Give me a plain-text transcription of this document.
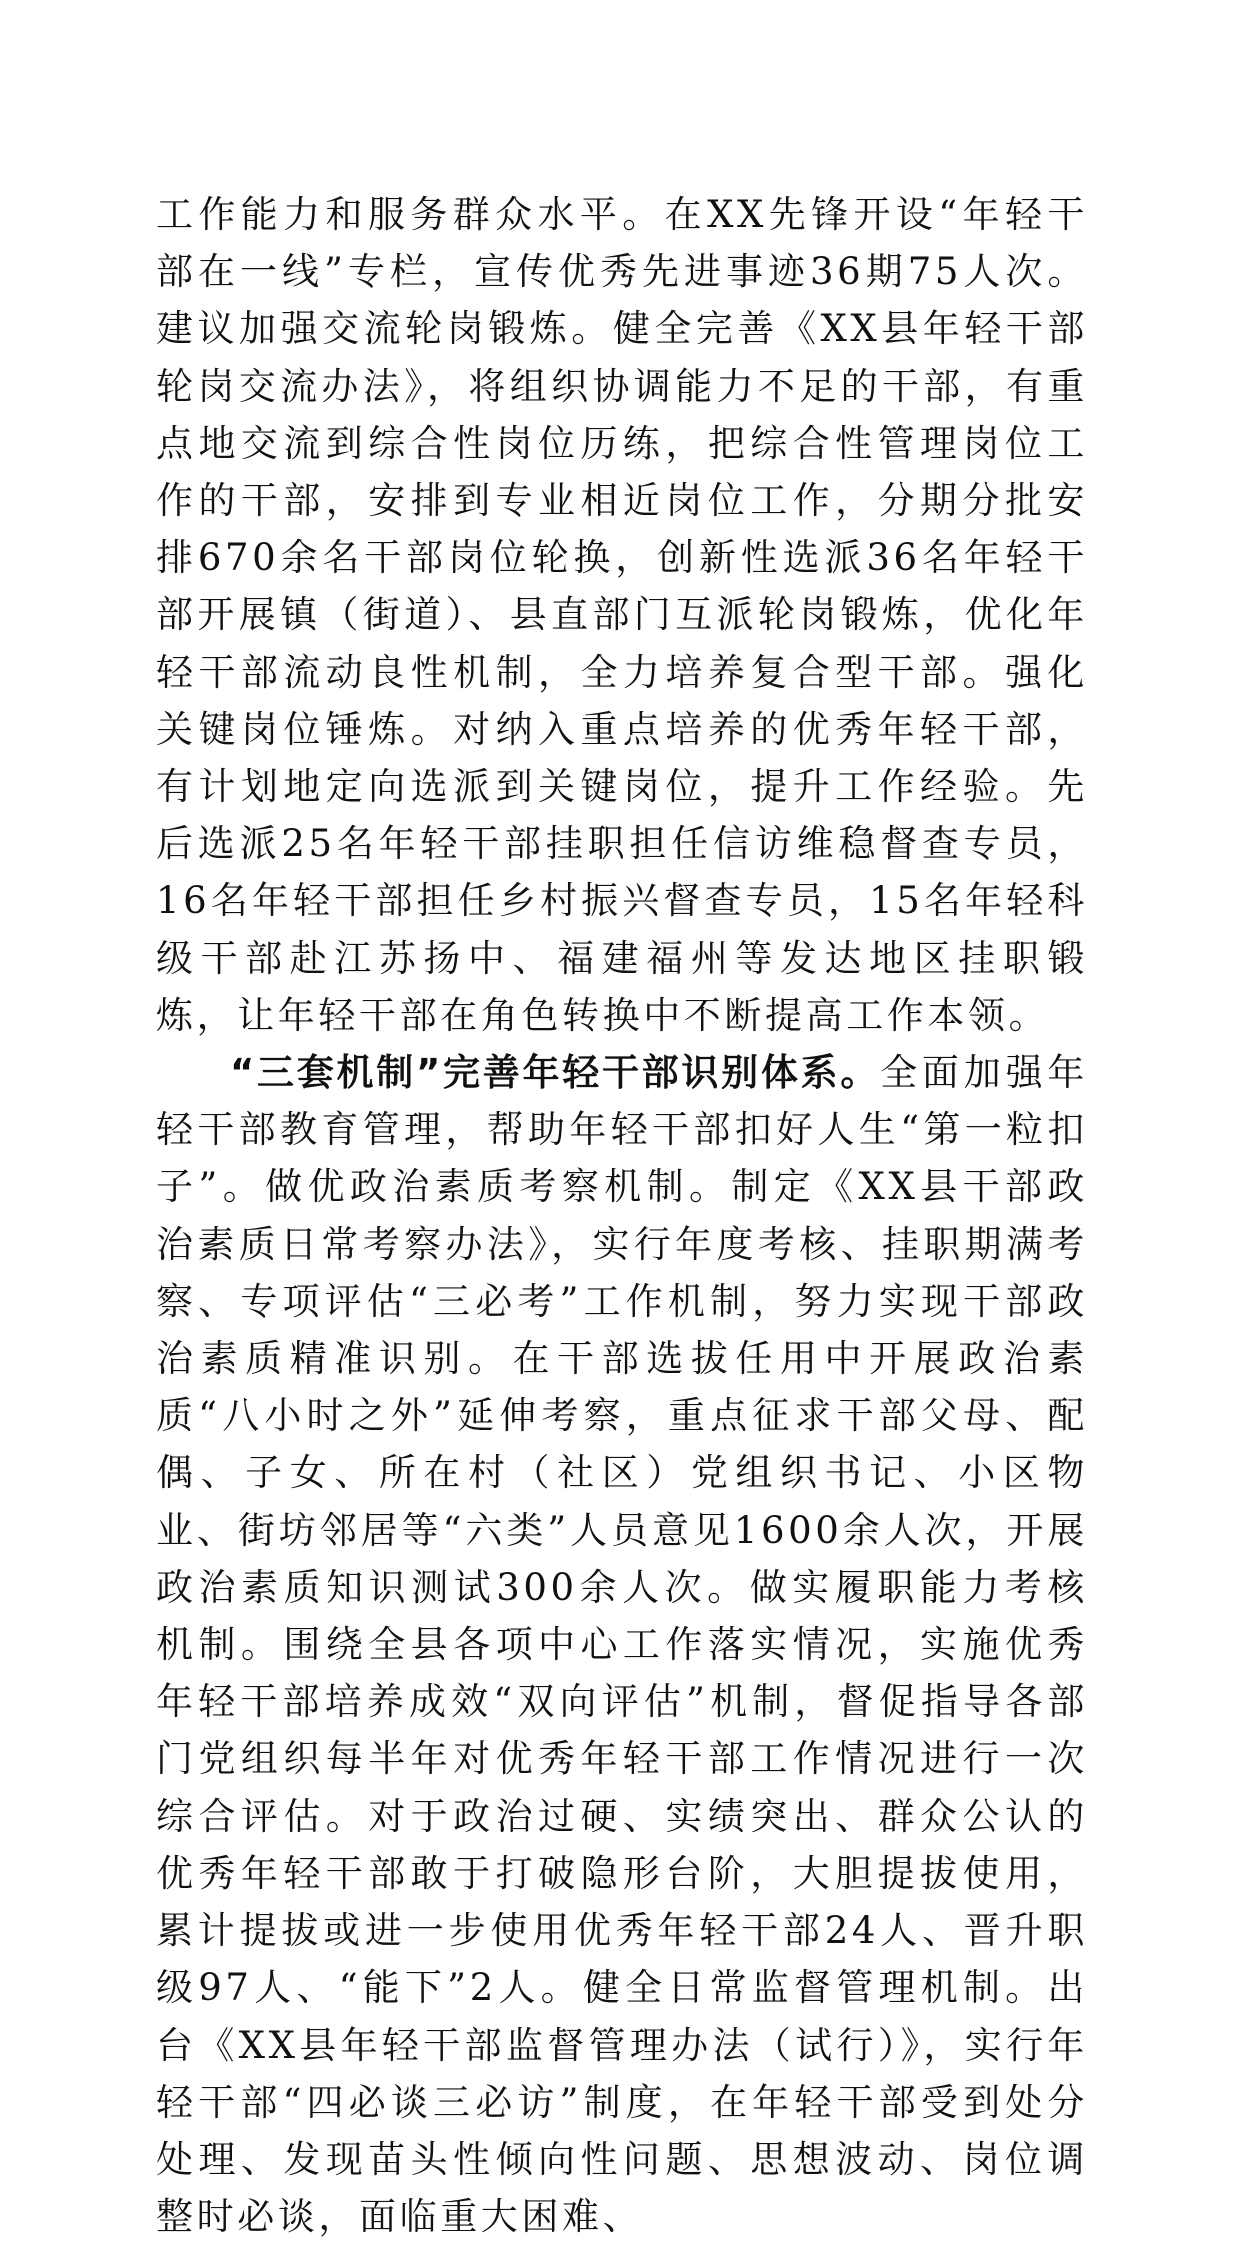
工作能力和服务群众水平。在XX先锋开设“年轻干部在一线”专栏，宣传优秀先进事迹36期75人次。建议加强交流轮岗锻炼。健全完善《XX县年轻干部轮岗交流办法》，将组织协调能力不足的干部，有重点地交流到综合性岗位历练，把综合性管理岗位工作的干部，安排到专业相近岗位工作，分期分批安排670余名干部岗位轮换，创新性选派36名年轻干部开展镇（街道）、县直部门互派轮岗锻炼，优化年轻干部流动良性机制，全力培养复合型干部。强化关键岗位锤炼。对纳入重点培养的优秀年轻干部，有计划地定向选派到关键岗位，提升工作经验。先后选派25名年轻干部挂职担任信访维稳督查专员，16名年轻干部担任乡村振兴督查专员，15名年轻科级干部赴江苏扬中、福建福州等发达地区挂职锻炼，让年轻干部在角色转换中不断提高工作本领。

“三套机制”完善年轻干部识别体系。全面加强年轻干部教育管理，帮助年轻干部扣好人生“第一粒扣子”。做优政治素质考察机制。制定《XX县干部政治素质日常考察办法》，实行年度考核、挂职期满考察、专项评估“三必考”工作机制，努力实现干部政治素质精准识别。在干部选拔任用中开展政治素质“八小时之外”延伸考察，重点征求干部父母、配偶、子女、所在村（社区）党组织书记、小区物业、街坊邻居等“六类”人员意见1600余人次，开展政治素质知识测试300余人次。做实履职能力考核机制。围绕全县各项中心工作落实情况，实施优秀年轻干部培养成效“双向评估”机制，督促指导各部门党组织每半年对优秀年轻干部工作情况进行一次综合评估。对于政治过硬、实绩突出、群众公认的优秀年轻干部敢于打破隐形台阶，大胆提拔使用，累计提拔或进一步使用优秀年轻干部24人、晋升职级97人、“能下”2人。健全日常监督管理机制。出台《XX县年轻干部监督管理办法（试行）》，实行年轻干部“四必谈三必访”制度，在年轻干部受到处分处理、发现苗头性倾向性问题、思想波动、岗位调整时必谈，面临重大困难、
